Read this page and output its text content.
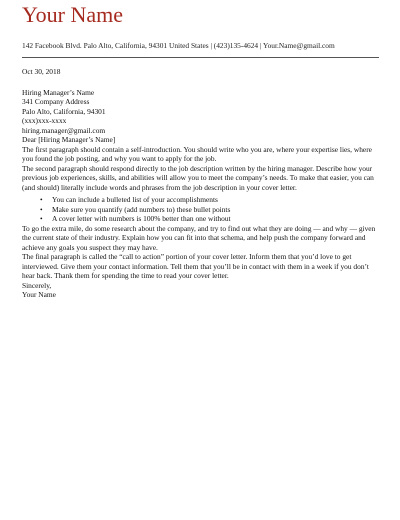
Your Name
142 Facebook Blvd. Palo Alto, California, 94301 United States | (423)135-4624 | Your.Name@gmail.com

Oct 30, 2018

Hiring Manager’s Name
341 Company Address
Palo Alto, California, 94301
(xxx)xxx-xxxx
hiring.manager@gmail.com

Dear [Hiring Manager’s Name]

The first paragraph should contain a self-introduction. You should write who you are, where your expertise lies, where you found the job posting, and why you want to apply for the job.

The second paragraph should respond directly to the job description written by the hiring manager. Describe how your previous job experiences, skills, and abilities will allow you to meet the company’s needs. To make that easier, you can (and should) literally include words and phrases from the job description in your cover letter.

• You can include a bulleted list of your accomplishments
• Make sure you quantify (add numbers to) these bullet points
• A cover letter with numbers is 100% better than one without

To go the extra mile, do some research about the company, and try to find out what they are doing — and why — given the current state of their industry. Explain how you can fit into that schema, and help push the company forward and achieve any goals you suspect they may have.

The final paragraph is called the “call to action” portion of your cover letter. Inform them that you’d love to get interviewed. Give them your contact information. Tell them that you’ll be in contact with them in a week if you don’t hear back. Thank them for spending the time to read your cover letter.

Sincerely,

Your Name
